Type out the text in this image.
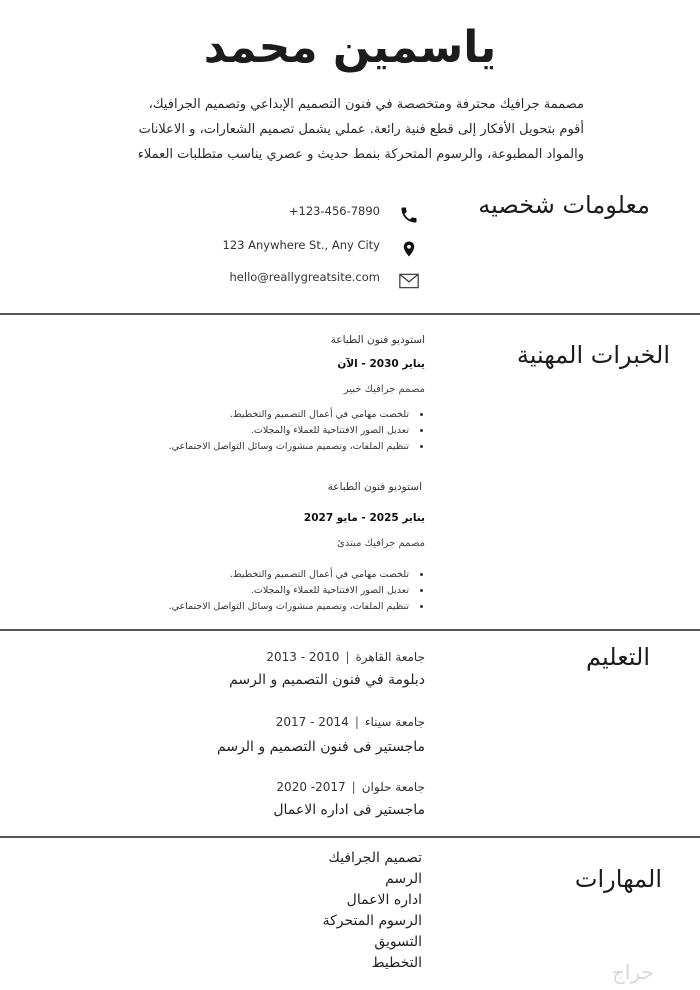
ياسمين محمد
مصممة جرافيك محترفة ومتخصصة في فنون التصميم الإبداعي وتصميم الجرافيك،
أقوم بتحويل الأفكار إلى قطع فنية رائعة. عملي يشمل تصميم الشعارات، و الاعلانات
والمواد المطبوعة، والرسوم المتحركة بنمط حديث و عصري يناسب متطلبات العملاء
معلومات شخصيه
+123-456-7890
123 Anywhere St., Any City
hello@reallygreatsite.com
الخبرات المهنية
استوديو فنون الطباعة
يناير 2030 - الآن
مصمم جرافيك خبير
• تلخصت مهامي في أعمال التصميم والتخطيط.
• تعديل الصور الافتتاحية للعملاء والمجلات.
• تنظيم الملفات، وتصميم منشورات وسائل التواصل الاجتماعي.
استوديو فنون الطباعة
يناير 2025 - مايو 2027
مصمم جرافيك مبتدئ
• تلخصت مهامي في أعمال التصميم والتخطيط.
• تعديل الصور الافتتاحية للعملاء والمجلات.
• تنظيم الملفات، وتصميم منشورات وسائل التواصل الاجتماعي.
التعليم
جامعة القاهرة|2010 - 2013
دبلومة في فنون التصميم و الرسم
جامعة سيناء|2014 - 2017
ماجستير فى فنون التصميم و الرسم
جامعة حلوان|2017- 2020
ماجستير فى اداره الاعمال
المهارات
تصميم الجرافيك
الرسم
اداره الاعمال
الرسوم المتحركة
التسويق
التخطيط	حراج
